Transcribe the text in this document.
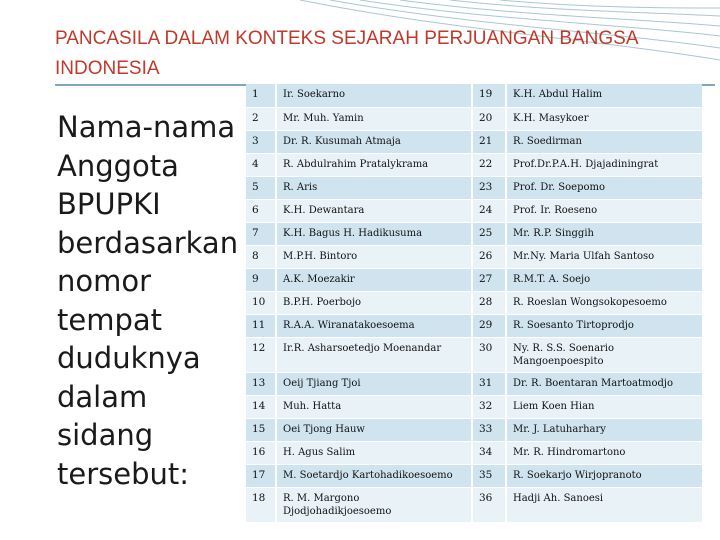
PANCASILA DALAM KONTEKS SEJARAH PERJUANGAN BANGSA INDONESIA
Nama-nama Anggota BPUPKI berdasarkan nomor tempat duduknya dalam sidang tersebut:
1	Ir. Soekarno	19	K.H. Abdul Halim
2	Mr. Muh. Yamin	20	K.H. Masykoer
3	Dr. R. Kusumah Atmaja	21	R. Soedirman
4	R. Abdulrahim Pratalykrama	22	Prof.Dr.P.A.H. Djajadiningrat
5	R. Aris	23	Prof. Dr. Soepomo
6	K.H. Dewantara	24	Prof. Ir. Roeseno
7	K.H. Bagus H. Hadikusuma	25	Mr. R.P. Singgih
8	M.P.H. Bintoro	26	Mr.Ny. Maria Ulfah Santoso
9	A.K. Moezakir	27	R.M.T. A. Soejo
10	B.P.H. Poerbojo	28	R. Roeslan Wongsokopesoemo
11	R.A.A. Wiranatakoesoema	29	R. Soesanto Tirtoprodjo
12	Ir.R. Asharsoetedjo Moenandar	30	Ny. R. S.S. Soenario Mangoenpoespito
13	Oeij Tjiang Tjoi	31	Dr. R. Boentaran Martoatmodjo
14	Muh. Hatta	32	Liem Koen Hian
15	Oei Tjong Hauw	33	Mr. J. Latuharhary
16	H. Agus Salim	34	Mr. R. Hindromartono
17	M. Soetardjo Kartohadikoesoemo	35	R. Soekarjo Wirjopranoto
18	R. M. Margono Djodjohadikjoesoemo	36	Hadji Ah. Sanoesi
